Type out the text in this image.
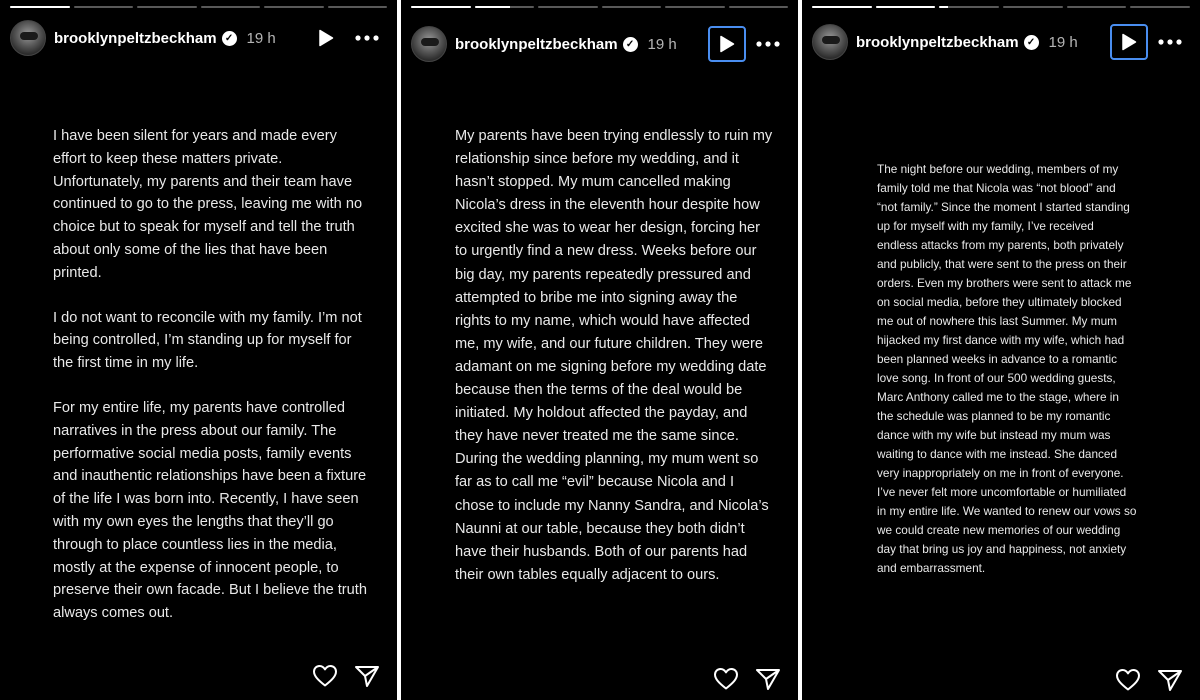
brooklynpeltzbeckham ✓ 19 h

I have been silent for years and made every effort to keep these matters private. Unfortunately, my parents and their team have continued to go to the press, leaving me with no choice but to speak for myself and tell the truth about only some of the lies that have been printed.

I do not want to reconcile with my family. I’m not being controlled, I’m standing up for myself for the first time in my life.

For my entire life, my parents have controlled narratives in the press about our family. The performative social media posts, family events and inauthentic relationships have been a fixture of the life I was born into. Recently, I have seen with my own eyes the lengths that they’ll go through to place countless lies in the media, mostly at the expense of innocent people, to preserve their own facade. But I believe the truth always comes out.

brooklynpeltzbeckham ✓ 19 h

My parents have been trying endlessly to ruin my relationship since before my wedding, and it hasn’t stopped. My mum cancelled making Nicola’s dress in the eleventh hour despite how excited she was to wear her design, forcing her to urgently find a new dress. Weeks before our big day, my parents repeatedly pressured and attempted to bribe me into signing away the rights to my name, which would have affected me, my wife, and our future children. They were adamant on me signing before my wedding date because then the terms of the deal would be initiated. My holdout affected the payday, and they have never treated me the same since. During the wedding planning, my mum went so far as to call me “evil” because Nicola and I chose to include my Nanny Sandra, and Nicola’s Naunni at our table, because they both didn’t have their husbands. Both of our parents had their own tables equally adjacent to ours.

brooklynpeltzbeckham ✓ 19 h

The night before our wedding, members of my family told me that Nicola was “not blood” and “not family.” Since the moment I started standing up for myself with my family, I’ve received endless attacks from my parents, both privately and publicly, that were sent to the press on their orders. Even my brothers were sent to attack me on social media, before they ultimately blocked me out of nowhere this last Summer. My mum hijacked my first dance with my wife, which had been planned weeks in advance to a romantic love song. In front of our 500 wedding guests, Marc Anthony called me to the stage, where in the schedule was planned to be my romantic dance with my wife but instead my mum was waiting to dance with me instead. She danced very inappropriately on me in front of everyone. I’ve never felt more uncomfortable or humiliated in my entire life. We wanted to renew our vows so we could create new memories of our wedding day that bring us joy and happiness, not anxiety and embarrassment.
